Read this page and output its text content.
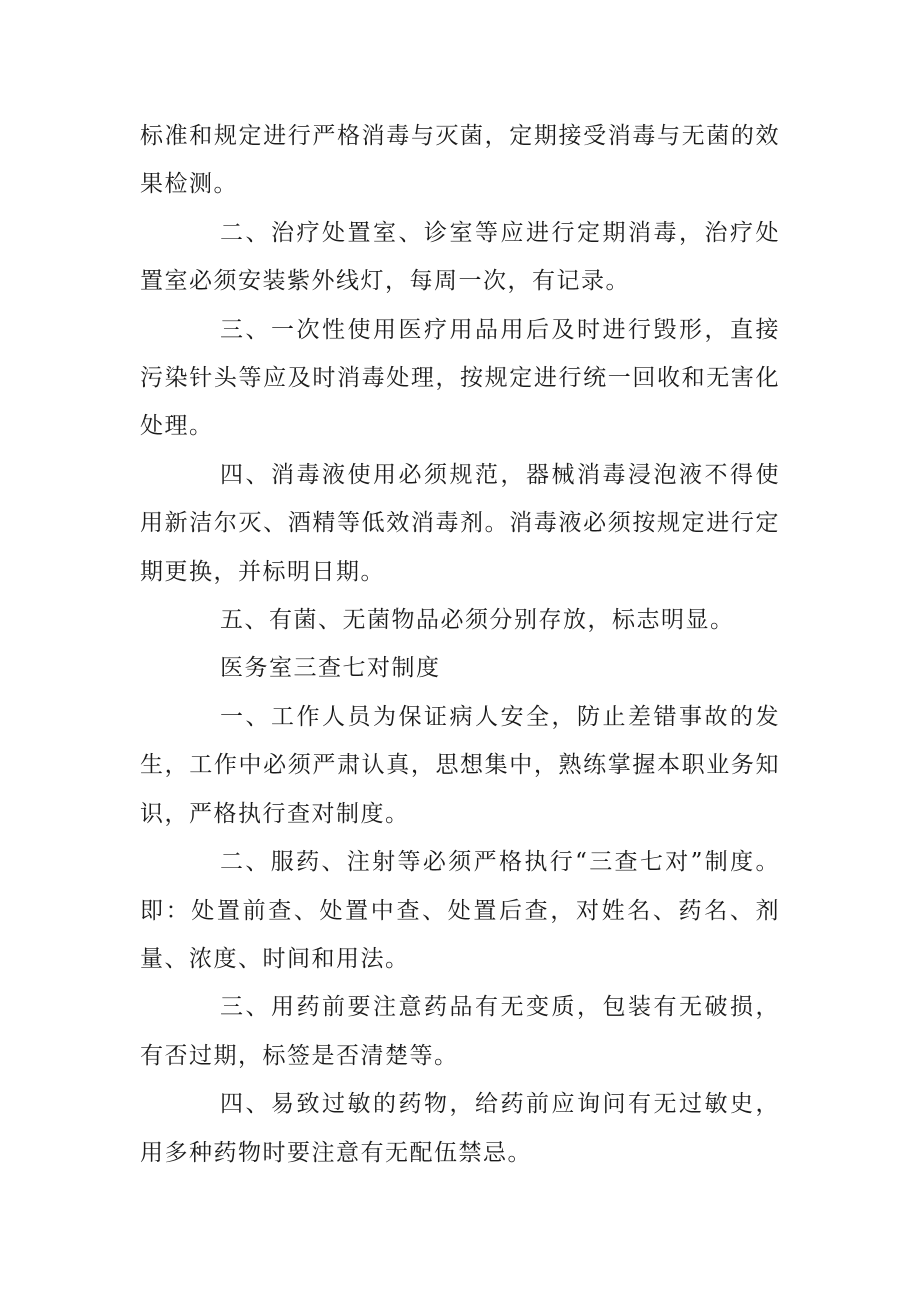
标准和规定进行严格消毒与灭菌，定期接受消毒与无菌的效果检测。

二、治疗处置室、诊室等应进行定期消毒，治疗处置室必须安装紫外线灯，每周一次，有记录。

三、一次性使用医疗用品用后及时进行毁形，直接污染针头等应及时消毒处理，按规定进行统一回收和无害化处理。

四、消毒液使用必须规范，器械消毒浸泡液不得使用新洁尔灭、酒精等低效消毒剂。消毒液必须按规定进行定期更换，并标明日期。

五、有菌、无菌物品必须分别存放，标志明显。

医务室三查七对制度

一、工作人员为保证病人安全，防止差错事故的发生，工作中必须严肃认真，思想集中，熟练掌握本职业务知识，严格执行查对制度。

二、服药、注射等必须严格执行“三查七对”制度。即：处置前查、处置中查、处置后查，对姓名、药名、剂量、浓度、时间和用法。

三、用药前要注意药品有无变质，包装有无破损，有否过期，标签是否清楚等。

四、易致过敏的药物，给药前应询问有无过敏史，用多种药物时要注意有无配伍禁忌。
